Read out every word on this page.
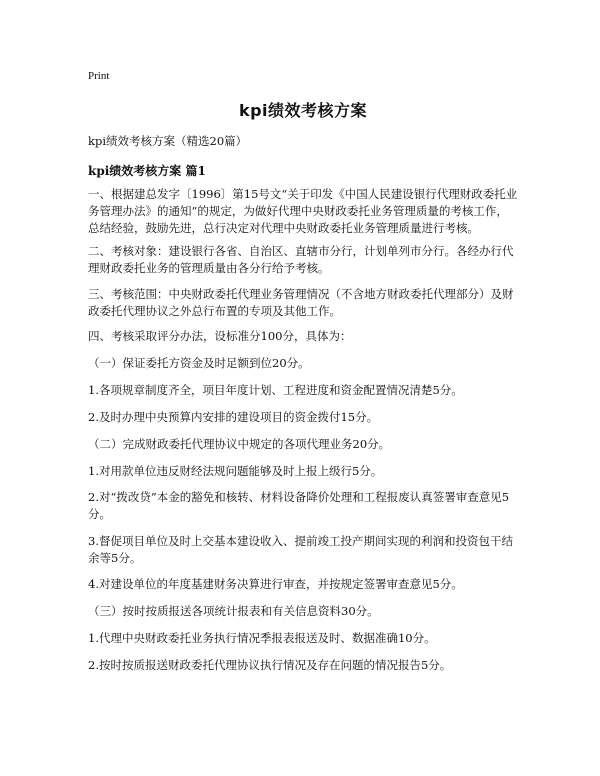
Print
kpi绩效考核方案
kpi绩效考核方案（精选20篇）
kpi绩效考核方案 篇1

一、根据建总发字〔1996〕第15号文“关于印发《中国人民建设银行代理财政委托业务管理办法》的通知”的规定，为做好代理中央财政委托业务管理质量的考核工作，总结经验，鼓励先进，总行决定对代理中央财政委托业务管理质量进行考核。

二、考核对象：建设银行各省、自治区、直辖市分行，计划单列市分行。各经办行代理财政委托业务的管理质量由各分行给予考核。

三、考核范围：中央财政委托代理业务管理情况（不含地方财政委托代理部分）及财政委托代理协议之外总行布置的专项及其他工作。

四、考核采取评分办法，设标准分100分，具体为：

（一）保证委托方资金及时足额到位20分。

1.各项规章制度齐全，项目年度计划、工程进度和资金配置情况清楚5分。

2.及时办理中央预算内安排的建设项目的资金拨付15分。

（二）完成财政委托代理协议中规定的各项代理业务20分。

1.对用款单位违反财经法规问题能够及时上报上级行5分。

2.对“拨改贷”本金的豁免和核转、材料设备降价处理和工程报废认真签署审查意见5分。

3.督促项目单位及时上交基本建设收入、提前竣工投产期间实现的利润和投资包干结余等5分。

4.对建设单位的年度基建财务决算进行审查，并按规定签署审查意见5分。

（三）按时按质报送各项统计报表和有关信息资料30分。

1.代理中央财政委托业务执行情况季报表报送及时、数据准确10分。

2.按时按质报送财政委托代理协议执行情况及存在问题的情况报告5分。
